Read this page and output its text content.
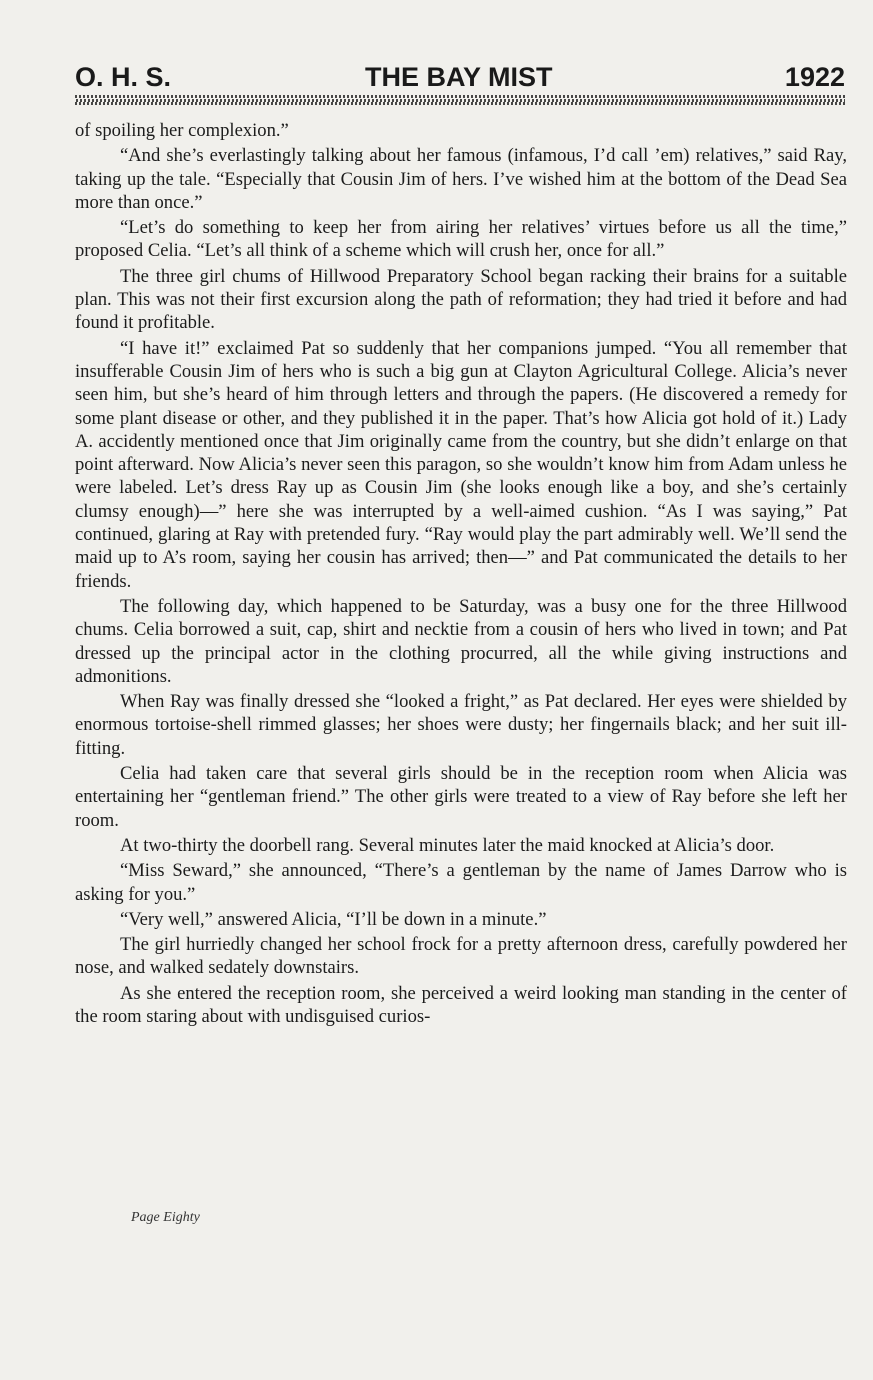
O. H. S.	THE BAY MIST	1922

of spoiling her complexion.”

“And she’s everlastingly talking about her famous (infamous, I’d call ’em) relatives,” said Ray, taking up the tale. “Especially that Cousin Jim of hers. I’ve wished him at the bottom of the Dead Sea more than once.”

“Let’s do something to keep her from airing her relatives’ virtues before us all the time,” proposed Celia. “Let’s all think of a scheme which will crush her, once for all.”

The three girl chums of Hillwood Preparatory School began racking their brains for a suitable plan. This was not their first excursion along the path of reformation; they had tried it before and had found it profitable.

“I have it!” exclaimed Pat so suddenly that her companions jumped. “You all remember that insufferable Cousin Jim of hers who is such a big gun at Clayton Agricultural College. Alicia’s never seen him, but she’s heard of him through letters and through the papers. (He discovered a remedy for some plant disease or other, and they published it in the paper. That’s how Alicia got hold of it.) Lady A. accidently mentioned once that Jim originally came from the country, but she didn’t enlarge on that point afterward. Now Alicia’s never seen this paragon, so she wouldn’t know him from Adam unless he were labeled. Let’s dress Ray up as Cousin Jim (she looks enough like a boy, and she’s certainly clumsy enough)—” here she was interrupted by a well-aimed cushion. “As I was saying,” Pat continued, glaring at Ray with pretended fury. “Ray would play the part admirably well. We’ll send the maid up to A’s room, saying her cousin has arrived; then—” and Pat communicated the details to her friends.

The following day, which happened to be Saturday, was a busy one for the three Hillwood chums. Celia borrowed a suit, cap, shirt and necktie from a cousin of hers who lived in town; and Pat dressed up the principal actor in the clothing procurred, all the while giving instructions and admonitions.

When Ray was finally dressed she “looked a fright,” as Pat declared. Her eyes were shielded by enormous tortoise-shell rimmed glasses; her shoes were dusty; her fingernails black; and her suit ill-fitting.

Celia had taken care that several girls should be in the reception room when Alicia was entertaining her “gentleman friend.” The other girls were treated to a view of Ray before she left her room.

At two-thirty the doorbell rang. Several minutes later the maid knocked at Alicia’s door.

“Miss Seward,” she announced, “There’s a gentleman by the name of James Darrow who is asking for you.”

“Very well,” answered Alicia, “I’ll be down in a minute.”

The girl hurriedly changed her school frock for a pretty afternoon dress, carefully powdered her nose, and walked sedately downstairs.

As she entered the reception room, she perceived a weird looking man standing in the center of the room staring about with undisguised curios-

Page Eighty
